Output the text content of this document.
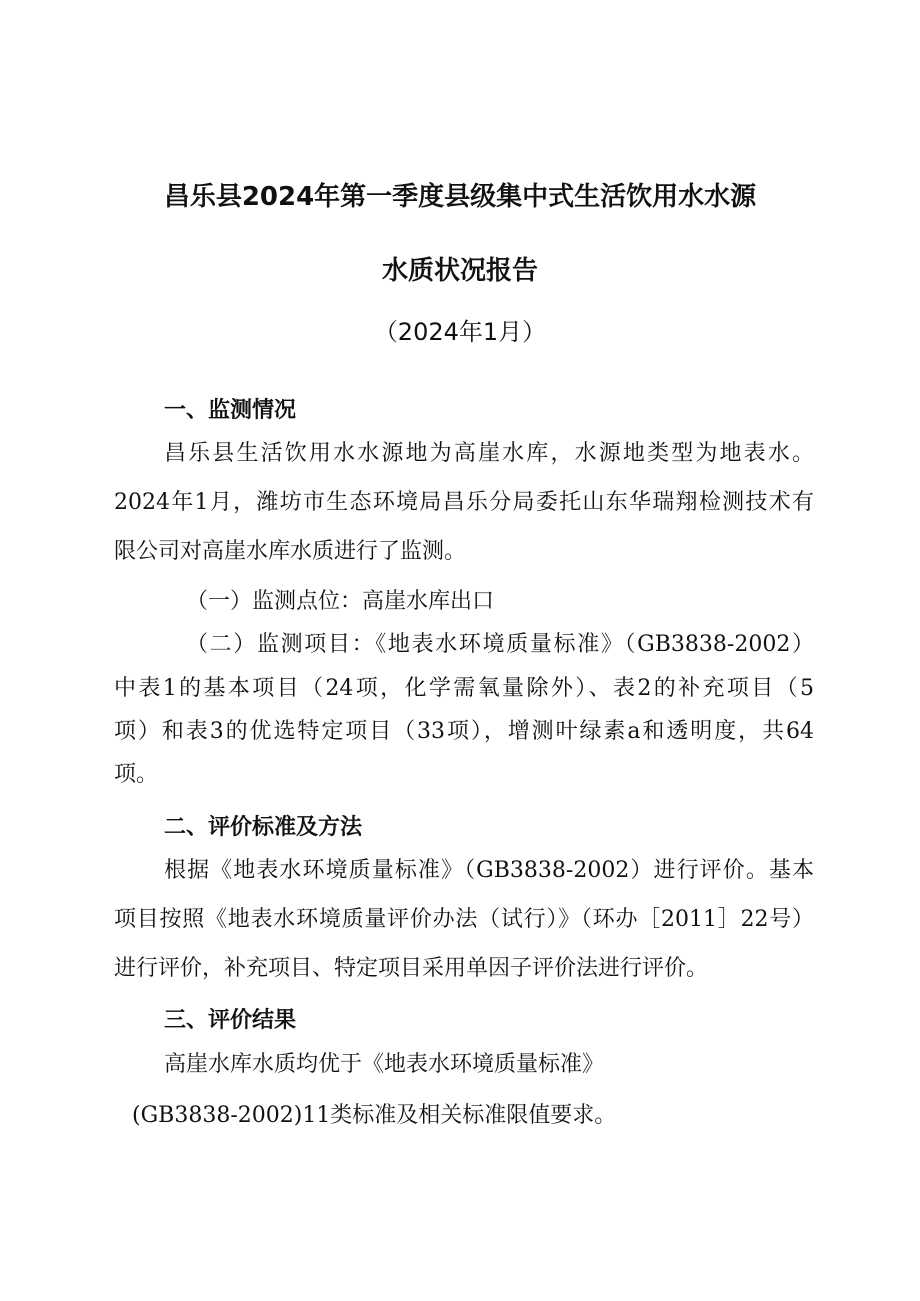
昌乐县2024年第一季度县级集中式生活饮用水水源
水质状况报告
（2024年1月）
一、监测情况
昌乐县生活饮用水水源地为高崖水库，水源地类型为地表水。
2024年1月，潍坊市生态环境局昌乐分局委托山东华瑞翔检测技术有
限公司对高崖水库水质进行了监测。
（一）监测点位：高崖水库出口
（二）监测项目：《地表水环境质量标准》（GB3838-2002）
中表1的基本项目（24项，化学需氧量除外）、表2的补充项目（5
项）和表3的优选特定项目（33项），增测叶绿素a和透明度，共64
项。
二、评价标准及方法
根据《地表水环境质量标准》（GB3838-2002）进行评价。基本
项目按照《地表水环境质量评价办法（试行）》（环办［2011］22号）
进行评价，补充项目、特定项目采用单因子评价法进行评价。
三、评价结果
高崖水库水质均优于《地表水环境质量标准》
(GB3838-2002)11类标准及相关标准限值要求。
